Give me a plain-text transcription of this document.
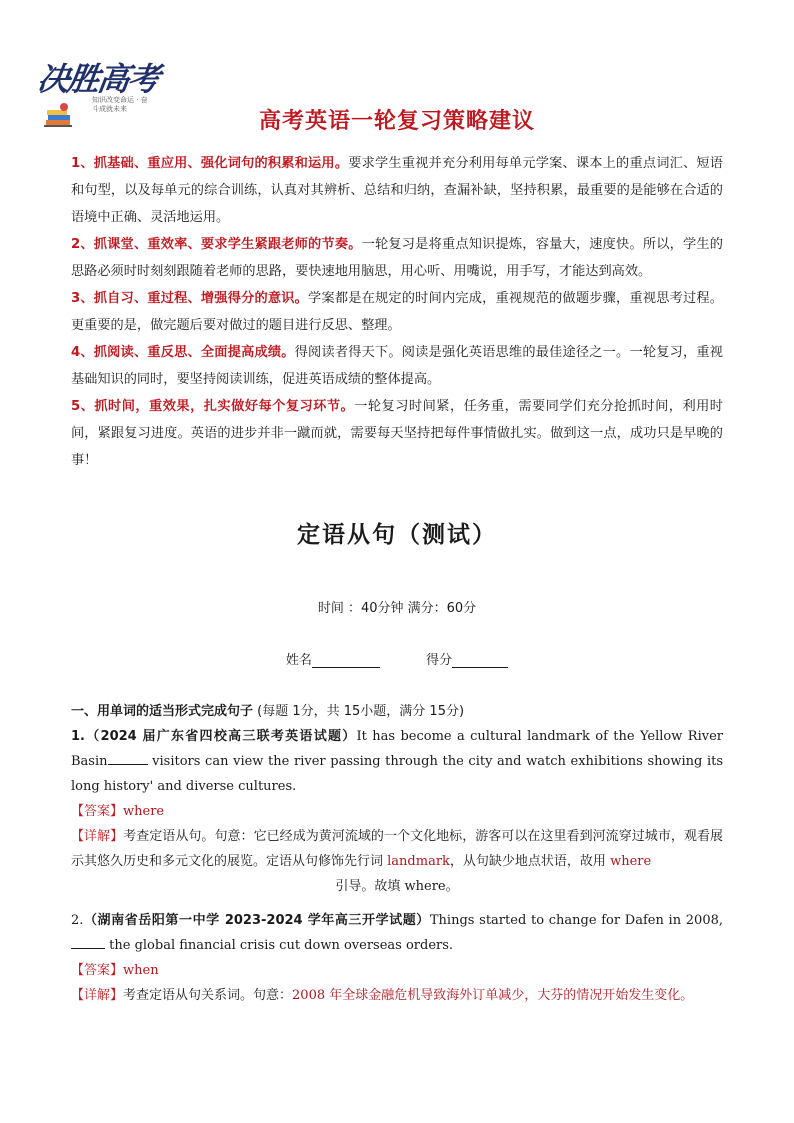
决胜高考
知识改变命运 · 奋斗成就未来	高考英语一轮复习策略建议

1、抓基础、重应用、强化词句的积累和运用。要求学生重视并充分利用每单元学案、课本上的重点词汇、短语和句型，以及每单元的综合训练，认真对其辨析、总结和归纳，查漏补缺，坚持积累，最重要的是能够在合适的语境中正确、灵活地运用。

2、抓课堂、重效率、要求学生紧跟老师的节奏。一轮复习是将重点知识提炼，容量大，速度快。所以，学生的思路必须时时刻刻跟随着老师的思路，要快速地用脑思，用心听、用嘴说，用手写，才能达到高效。

3、抓自习、重过程、增强得分的意识。学案都是在规定的时间内完成，重视规范的做题步骤，重视思考过程。更重要的是，做完题后要对做过的题目进行反思、整理。

4、抓阅读、重反思、全面提高成绩。得阅读者得天下。阅读是强化英语思维的最佳途径之一。一轮复习，重视基础知识的同时，要坚持阅读训练，促进英语成绩的整体提高。

5、抓时间，重效果，扎实做好每个复习环节。一轮复习时间紧，任务重，需要同学们充分抢抓时间，利用时间，紧跟复习进度。英语的进步并非一蹴而就，需要每天坚持把每件事情做扎实。做到这一点，成功只是早晚的事！

定语从句（测试）
时间 ：40分钟 满分：60分
姓名	得分
一、用单词的适当形式完成句子 (每题 1分，共 15小题，满分 15分)

1.（2024 届广东省四校高三联考英语试题）It has become a cultural landmark of the Yellow River Basin	visitors can view the river passing through the city and watch exhibitions showing its long history' and diverse cultures.

【答案】where

【详解】考查定语从句。句意：它已经成为黄河流域的一个文化地标，游客可以在这里看到河流穿过城市，观看展示其悠久历史和多元文化的展览。定语从句修饰先行词 landmark，从句缺少地点状语，故用 where

引导。故填 where。

2.（湖南省岳阳第一中学 2023-2024 学年高三开学试题）Things started to change for Dafen in 2008,  the global financial crisis cut down overseas orders.

【答案】when

【详解】考查定语从句关系词。句意：2008 年全球金融危机导致海外订单减少，大芬的情况开始发生变化。
